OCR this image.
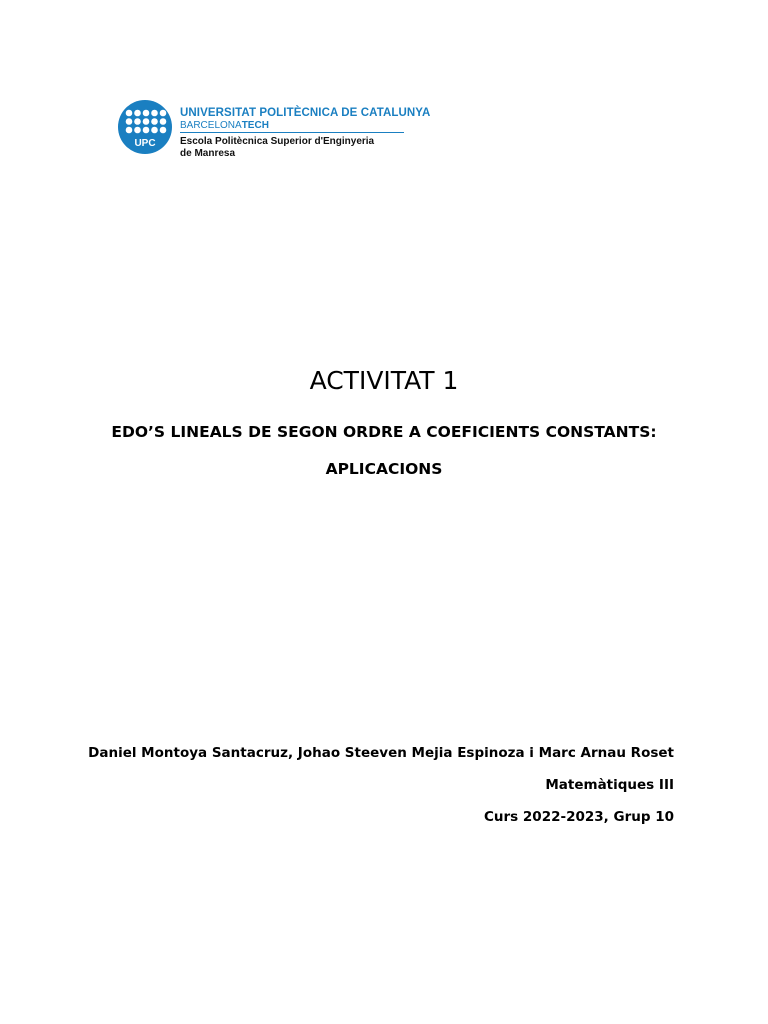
UPC
UNIVERSITAT POLITÈCNICA DE CATALUNYA
BARCELONATECH
Escola Politècnica Superior d'Enginyeria
de Manresa
ACTIVITAT 1
EDO’S LINEALS DE SEGON ORDRE A COEFICIENTS CONSTANTS:
APLICACIONS
Daniel Montoya Santacruz, Johao Steeven Mejia Espinoza i Marc Arnau Roset
Matemàtiques III
Curs 2022-2023, Grup 10
